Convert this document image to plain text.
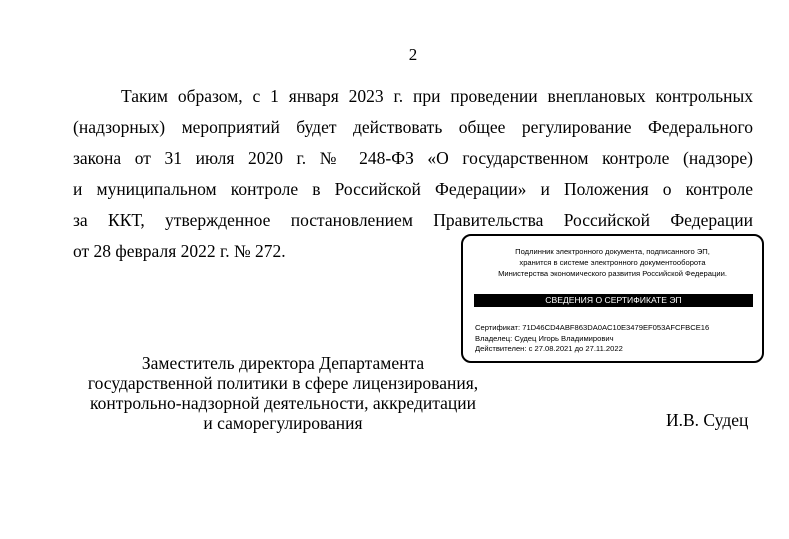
2
Таким образом, с 1 января 2023 г. при проведении внеплановых контрольных
(надзорных) мероприятий будет действовать общее регулирование Федерального
закона от 31 июля 2020 г. № 248-ФЗ «О государственном контроле (надзоре)
и муниципальном контроле в Российской Федерации» и Положения о контроле
за ККТ, утвержденное постановлением Правительства Российской Федерации
от 28 февраля 2022 г. № 272.	Подлинник электронного документа, подписанного ЭП,
хранится в системе электронного документооборота
Министерства экономического развития Российской Федерации.
СВЕДЕНИЯ О СЕРТИФИКАТЕ ЭП
Сертификат: 71D46CD4ABF863DA0AC10E3479EF053AFCFBCE16
Владелец: Судец Игорь Владимирович
Действителен: с 27.08.2021 до 27.11.2022
Заместитель директора Департамента
государственной политики в сфере лицензирования,
контрольно-надзорной деятельности, аккредитации
и саморегулирования	И.В. Судец
